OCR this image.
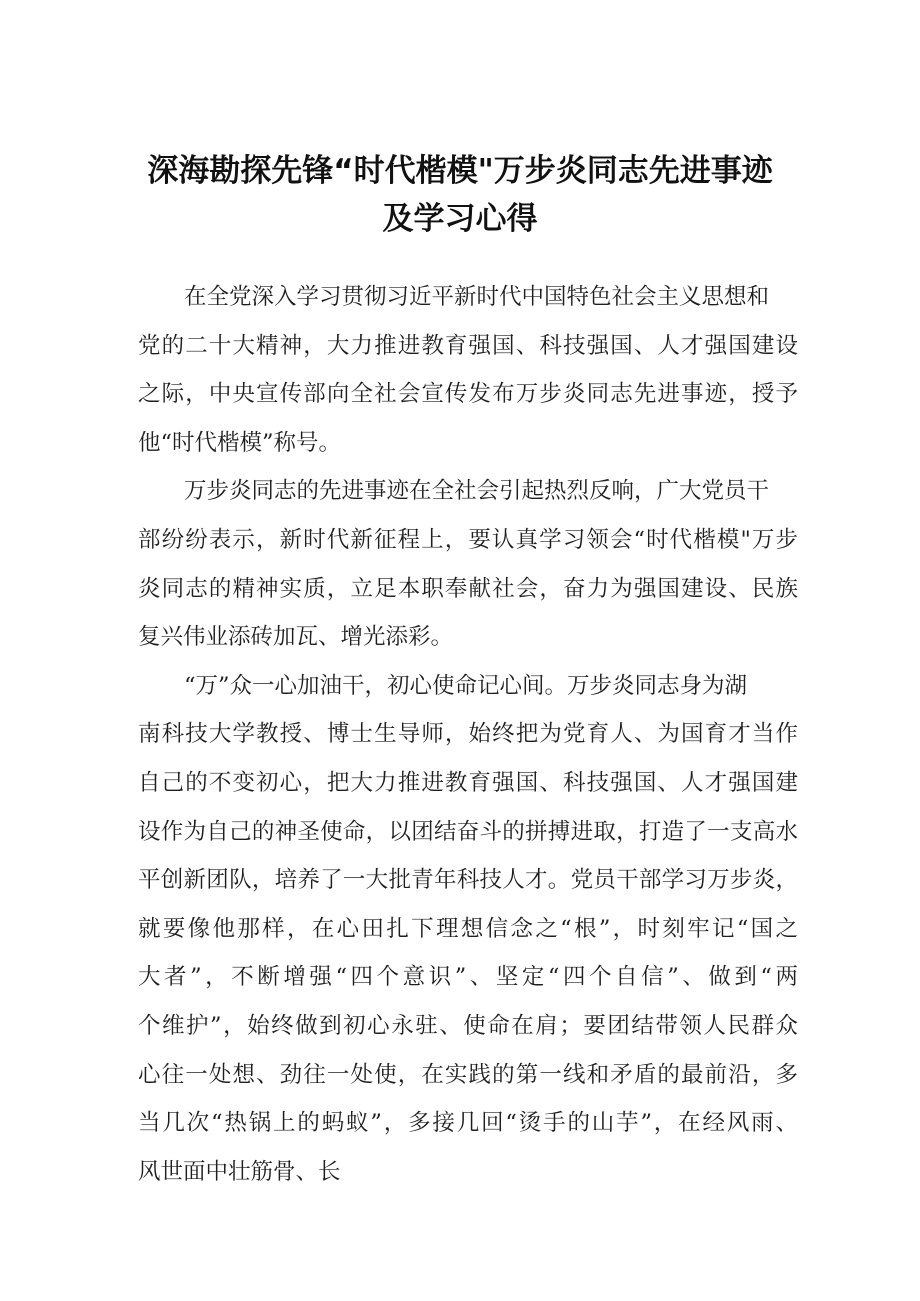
深海勘探先锋“时代楷模"万步炎同志先进事迹
及学习心得
在全党深入学习贯彻习近平新时代中国特色社会主义思想和
党的二十大精神，大力推进教育强国、科技强国、人才强国建设
之际，中央宣传部向全社会宣传发布万步炎同志先进事迹，授予
他“时代楷模”称号。
万步炎同志的先进事迹在全社会引起热烈反响，广大党员干
部纷纷表示，新时代新征程上，要认真学习领会“时代楷模"万步
炎同志的精神实质，立足本职奉献社会，奋力为强国建设、民族
复兴伟业添砖加瓦、增光添彩。
“万”众一心加油干，初心使命记心间。万步炎同志身为湖
南科技大学教授、博士生导师，始终把为党育人、为国育才当作
自己的不变初心，把大力推进教育强国、科技强国、人才强国建
设作为自己的神圣使命，以团结奋斗的拼搏进取，打造了一支高水
平创新团队，培养了一大批青年科技人才。党员干部学习万步炎，
就要像他那样，在心田扎下理想信念之“根”，时刻牢记“国之
大者”，不断增强“四个意识”、坚定“四个自信”、做到“两
个维护”，始终做到初心永驻、使命在肩；要团结带领人民群众
心往一处想、劲往一处使，在实践的第一线和矛盾的最前沿，多
当几次“热锅上的蚂蚁”，多接几回“烫手的山芋”，在经风雨、
风世面中壮筋骨、长
